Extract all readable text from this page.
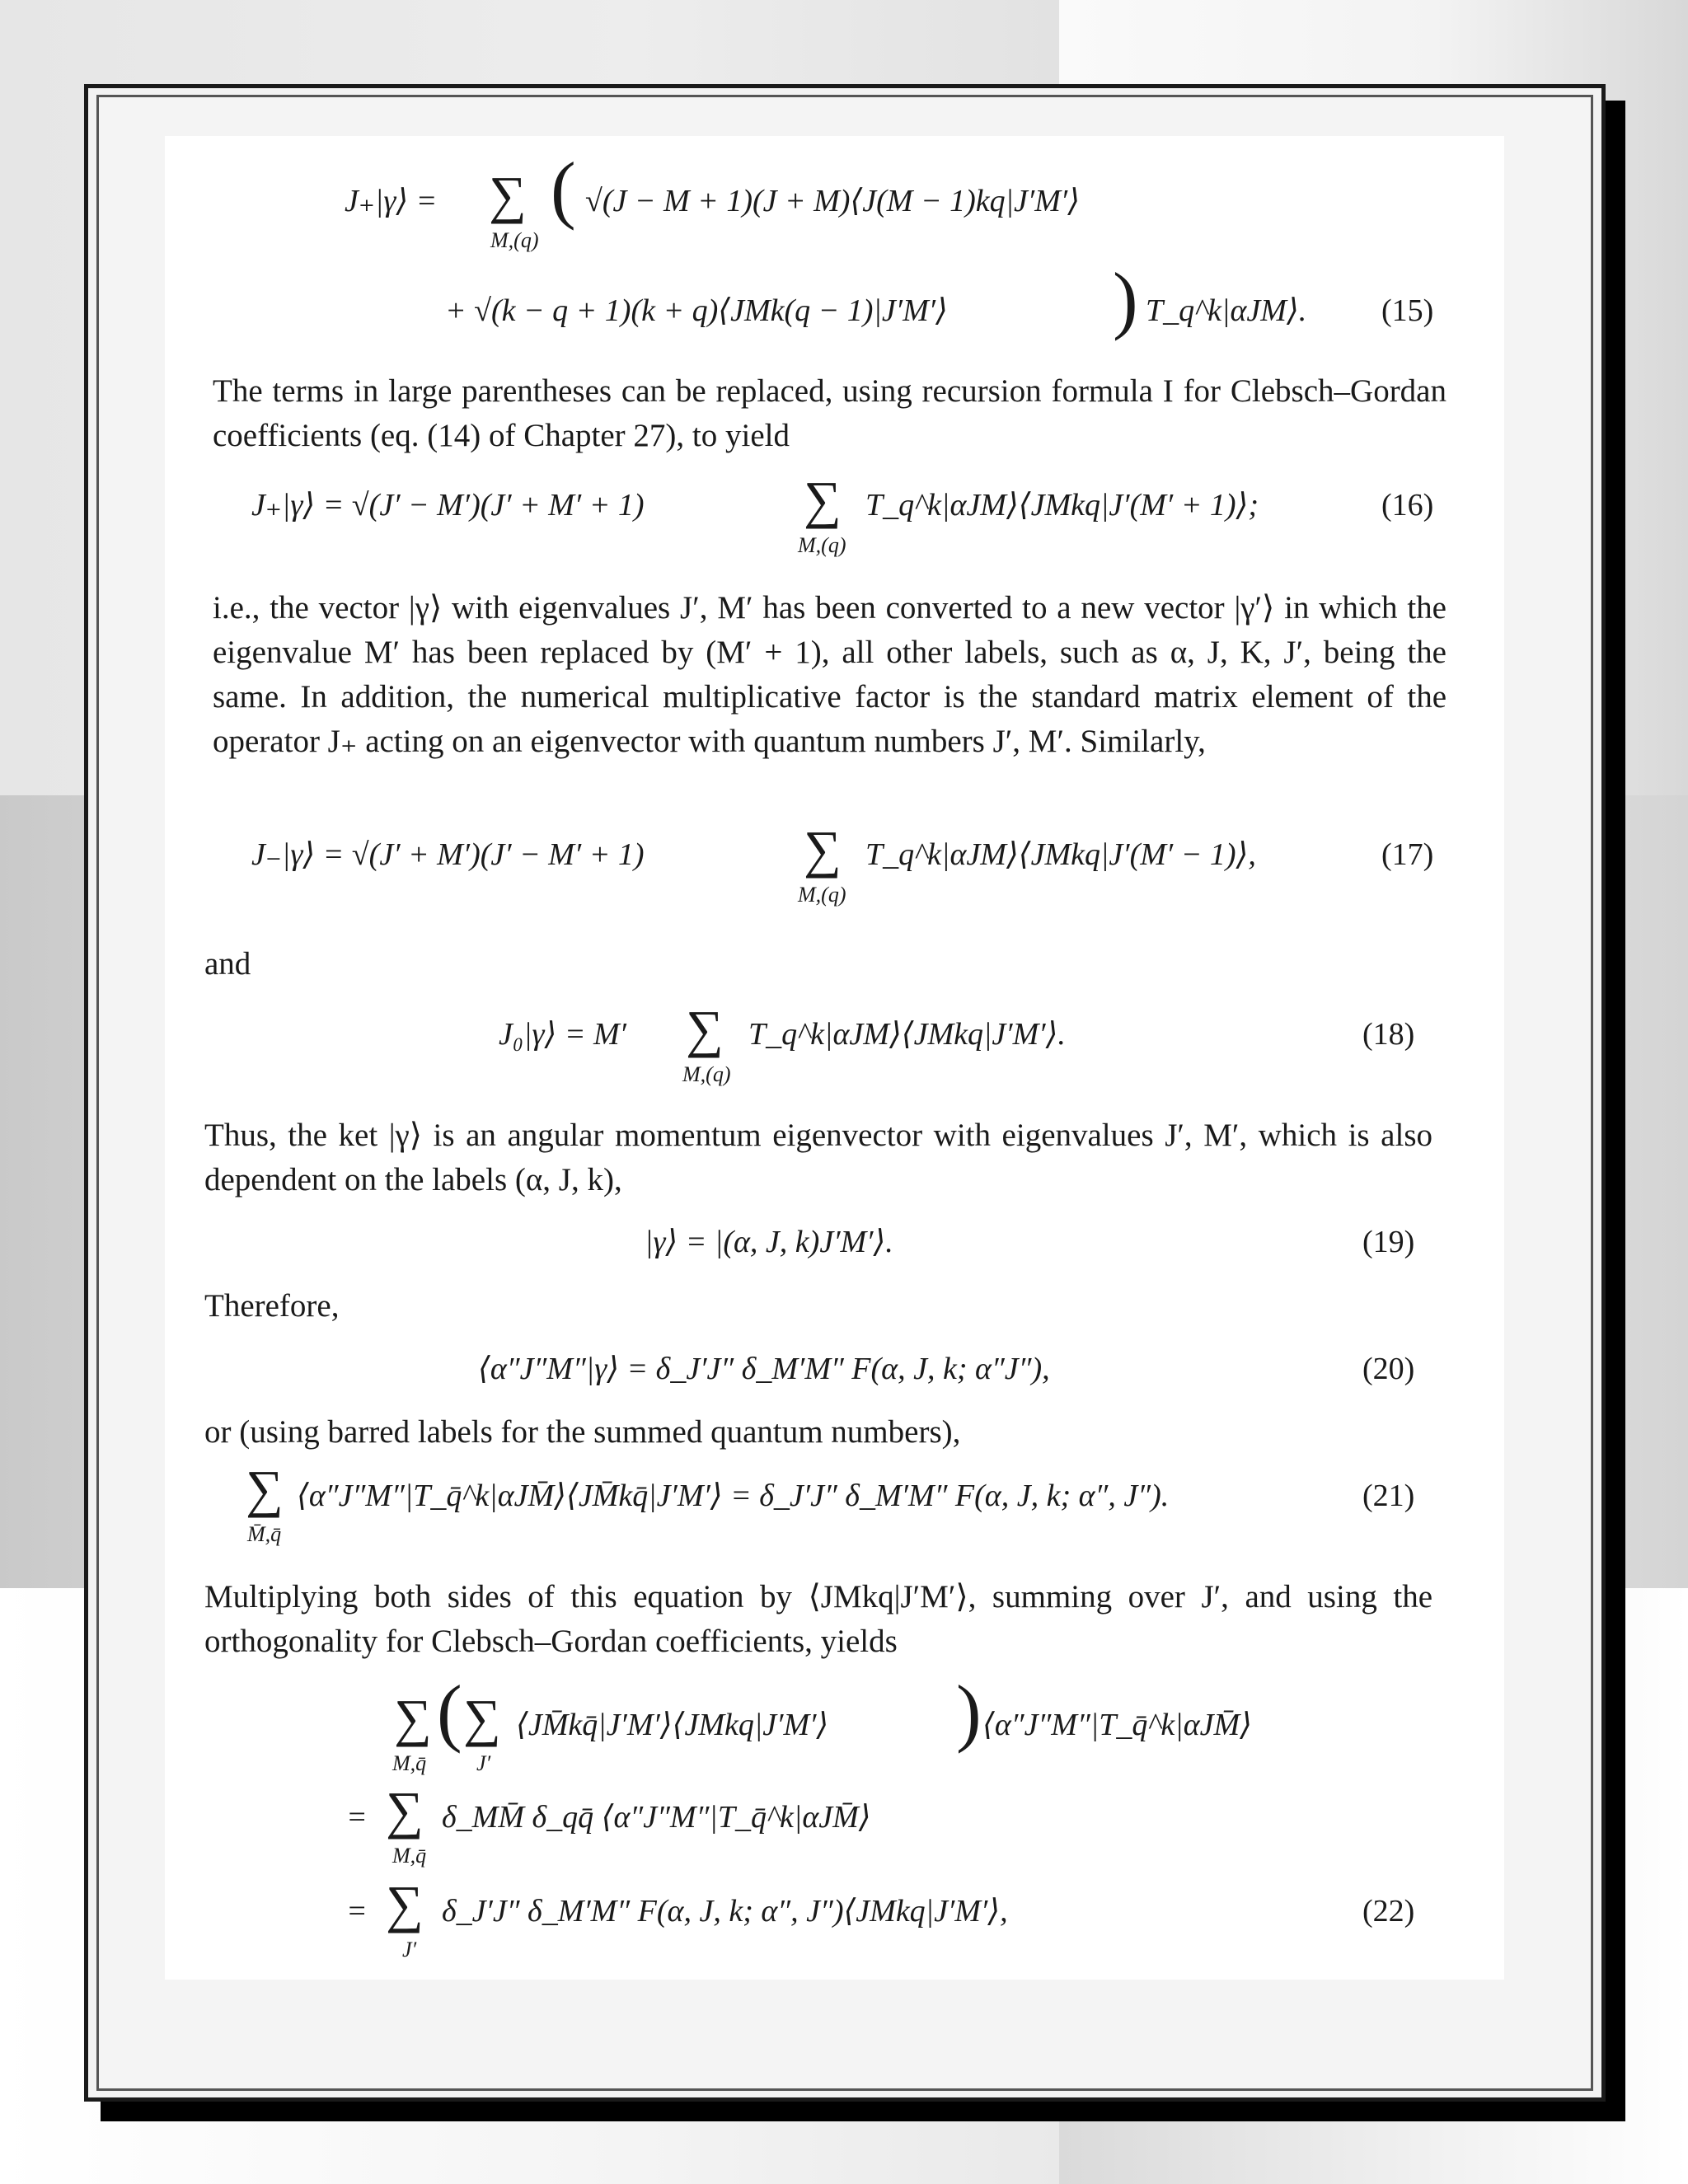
J₊|γ⟩ = ∑
M,(q)
( √(J − M + 1)(J + M)⟨J(M − 1)kq|J′M′⟩
+ √(k − q + 1)(k + q)⟨JMk(q − 1)|J′M′⟩ ) T_q^k|αJM⟩. (15)

The terms in large parentheses can be replaced, using recursion formula I for Clebsch–Gordan coefficients (eq. (14) of Chapter 27), to yield

J₊|γ⟩ = √(J′ − M′)(J′ + M′ + 1)	∑
M,(q)
T_q^k|αJM⟩⟨JMkq|J′(M′ + 1)⟩;	(16)

i.e., the vector |γ⟩ with eigenvalues J′, M′ has been converted to a new vector |γ′⟩ in which the eigenvalue M′ has been replaced by (M′ + 1), all other labels, such as α, J, K, J′, being the same. In addition, the numerical multiplicative factor is the standard matrix element of the operator J₊ acting on an eigenvector with quantum numbers J′, M′. Similarly,

J₋|γ⟩ = √(J′ + M′)(J′ − M′ + 1)	∑
M,(q)
T_q^k|αJM⟩⟨JMkq|J′(M′ − 1)⟩,	(17)

and

J₀|γ⟩ = M′ ∑
M,(q)
T_q^k|αJM⟩⟨JMkq|J′M′⟩.	(18)

Thus, the ket |γ⟩ is an angular momentum eigenvector with eigenvalues J′, M′, which is also dependent on the labels (α, J, k),

|γ⟩ = |(α, J, k)J′M′⟩.	(19)

Therefore,

⟨α″J″M″|γ⟩ = δ_J′J″ δ_M′M″ F(α, J, k; α″J″),	(20)

or (using barred labels for the summed quantum numbers),

∑
M̄,q̄
⟨α″J″M″|T_q̄^k|αJM̄⟩⟨JM̄kq̄|J′M′⟩ = δ_J′J″ δ_M′M″ F(α, J, k; α″, J″).	(21)

Multiplying both sides of this equation by ⟨JMkq|J′M′⟩, summing over J′, and using the orthogonality for Clebsch–Gordan coefficients, yields

∑
M,q̄
( ∑
J′
⟨JM̄kq̄|J′M′⟩⟨JMkq|J′M′⟩ ) ⟨α″J″M″|T_q̄^k|αJM̄⟩
= ∑
M,q̄
δ_MM̄ δ_qq̄ ⟨α″J″M″|T_q̄^k|αJM̄⟩
= ∑
J′
δ_J′J″ δ_M′M″ F(α, J, k; α″, J″)⟨JMkq|J′M′⟩,	(22)
